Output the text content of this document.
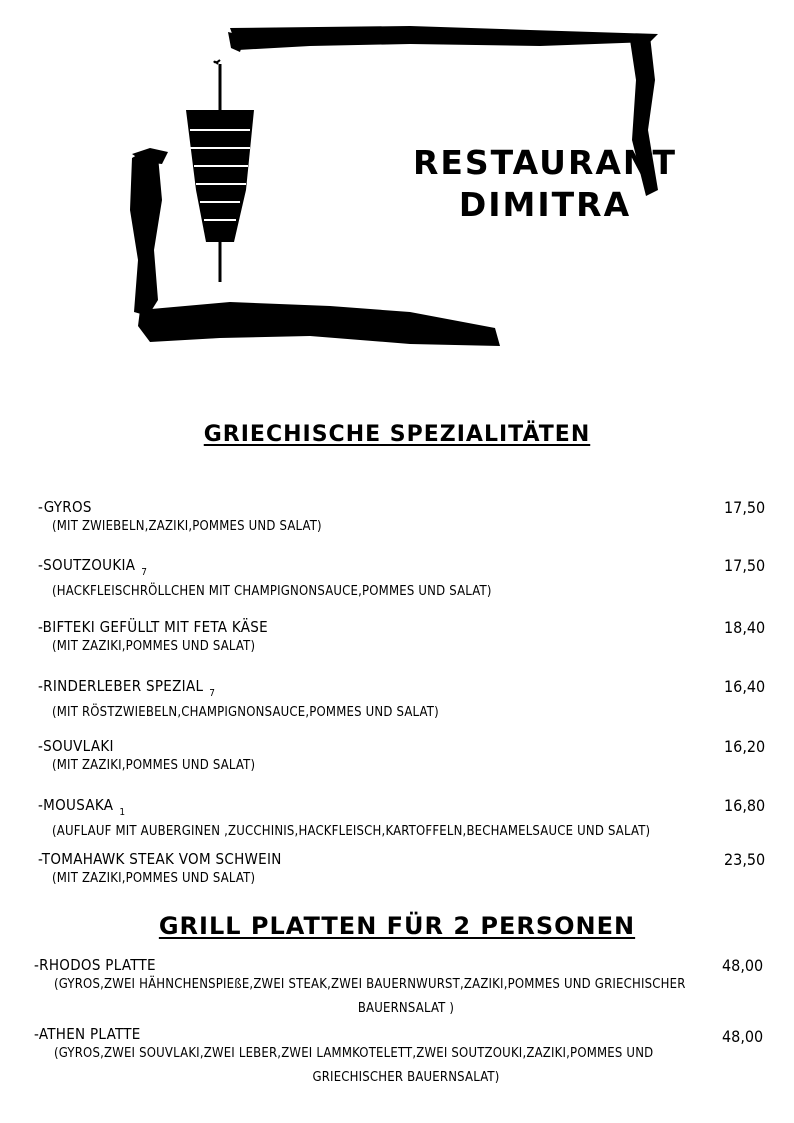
RESTAURANT
DIMITRA
GRIECHISCHE SPEZIALITÄTEN
-GYROS
(MIT ZWIEBELN,ZAZIKI,POMMES UND SALAT)
17,50
-SOUTZOUKIA $_7$
(HACKFLEISCHRÖLLCHEN MIT CHAMPIGNONSAUCE,POMMES UND SALAT)
17,50
-BIFTEKI GEFÜLLT MIT FETA KÄSE
(MIT ZAZIKI,POMMES UND SALAT)
18,40
-RINDERLEBER SPEZIAL $_7$
(MIT RÖSTZWIEBELN,CHAMPIGNONSAUCE,POMMES UND SALAT)
16,40
-SOUVLAKI
(MIT ZAZIKI,POMMES UND SALAT)
16,20
-MOUSAKA $_1$
(AUFLAUF MIT AUBERGINEN ,ZUCCHINIS,HACKFLEISCH,KARTOFFELN,BECHAMELSAUCE UND SALAT)
16,80
-TOMAHAWK STEAK VOM SCHWEIN
(MIT ZAZIKI,POMMES UND SALAT)
23,50
GRILL PLATTEN FÜR 2 PERSONEN
-RHODOS PLATTE
(GYROS,ZWEI HÄHNCHENSPIEßE,ZWEI STEAK,ZWEI BAUERNWURST,ZAZIKI,POMMES UND GRIECHISCHER
BAUERNSALAT )
48,00
-ATHEN PLATTE
(GYROS,ZWEI SOUVLAKI,ZWEI LEBER,ZWEI LAMMKOTELETT,ZWEI SOUTZOUKI,ZAZIKI,POMMES UND
GRIECHISCHER BAUERNSALAT)
48,00
